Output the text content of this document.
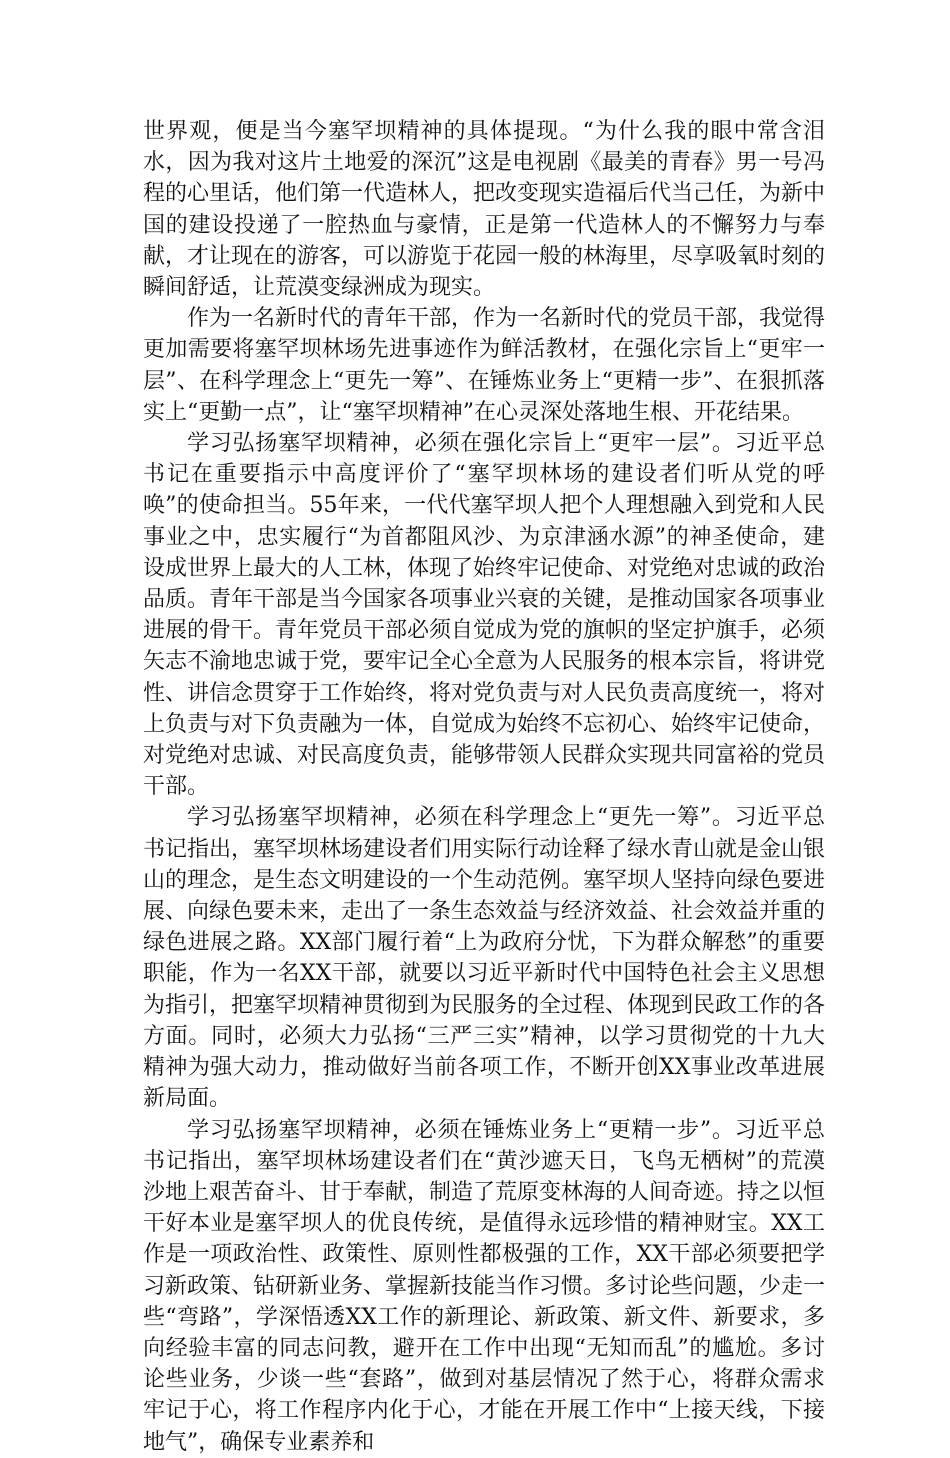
世界观，便是当今塞罕坝精神的具体提现。“为什么我的眼中常含泪水，因为我对这片土地爱的深沉”这是电视剧《最美的青春》男一号冯程的心里话，他们第一代造林人，把改变现实造福后代当己任，为新中国的建设投递了一腔热血与豪情，正是第一代造林人的不懈努力与奉献，才让现在的游客，可以游览于花园一般的林海里，尽享吸氧时刻的瞬间舒适，让荒漠变绿洲成为现实。

作为一名新时代的青年干部，作为一名新时代的党员干部，我觉得更加需要将塞罕坝林场先进事迹作为鲜活教材，在强化宗旨上“更牢一层”、在科学理念上“更先一筹”、在锤炼业务上“更精一步”、在狠抓落实上“更勤一点”，让“塞罕坝精神”在心灵深处落地生根、开花结果。

学习弘扬塞罕坝精神，必须在强化宗旨上“更牢一层”。习近平总书记在重要指示中高度评价了“塞罕坝林场的建设者们听从党的呼唤”的使命担当。55年来，一代代塞罕坝人把个人理想融入到党和人民事业之中，忠实履行“为首都阻风沙、为京津涵水源”的神圣使命，建设成世界上最大的人工林，体现了始终牢记使命、对党绝对忠诚的政治品质。青年干部是当今国家各项事业兴衰的关键，是推动国家各项事业进展的骨干。青年党员干部必须自觉成为党的旗帜的坚定护旗手，必须矢志不渝地忠诚于党，要牢记全心全意为人民服务的根本宗旨，将讲党性、讲信念贯穿于工作始终，将对党负责与对人民负责高度统一，将对上负责与对下负责融为一体，自觉成为始终不忘初心、始终牢记使命，对党绝对忠诚、对民高度负责，能够带领人民群众实现共同富裕的党员干部。

学习弘扬塞罕坝精神，必须在科学理念上“更先一筹”。习近平总书记指出，塞罕坝林场建设者们用实际行动诠释了绿水青山就是金山银山的理念，是生态文明建设的一个生动范例。塞罕坝人坚持向绿色要进展、向绿色要未来，走出了一条生态效益与经济效益、社会效益并重的绿色进展之路。XX部门履行着“上为政府分忧，下为群众解愁”的重要职能，作为一名XX干部，就要以习近平新时代中国特色社会主义思想为指引，把塞罕坝精神贯彻到为民服务的全过程、体现到民政工作的各方面。同时，必须大力弘扬“三严三实”精神，以学习贯彻党的十九大精神为强大动力，推动做好当前各项工作，不断开创XX事业改革进展新局面。

学习弘扬塞罕坝精神，必须在锤炼业务上“更精一步”。习近平总书记指出，塞罕坝林场建设者们在“黄沙遮天日，飞鸟无栖树”的荒漠沙地上艰苦奋斗、甘于奉献，制造了荒原变林海的人间奇迹。持之以恒干好本业是塞罕坝人的优良传统，是值得永远珍惜的精神财宝。XX工作是一项政治性、政策性、原则性都极强的工作，XX干部必须要把学习新政策、钻研新业务、掌握新技能当作习惯。多讨论些问题，少走一些“弯路”，学深悟透XX工作的新理论、新政策、新文件、新要求，多向经验丰富的同志问教，避开在工作中出现“无知而乱”的尴尬。多讨论些业务，少谈一些“套路”，做到对基层情况了然于心，将群众需求牢记于心，将工作程序内化于心，才能在开展工作中“上接天线，下接地气”，确保专业素养和
